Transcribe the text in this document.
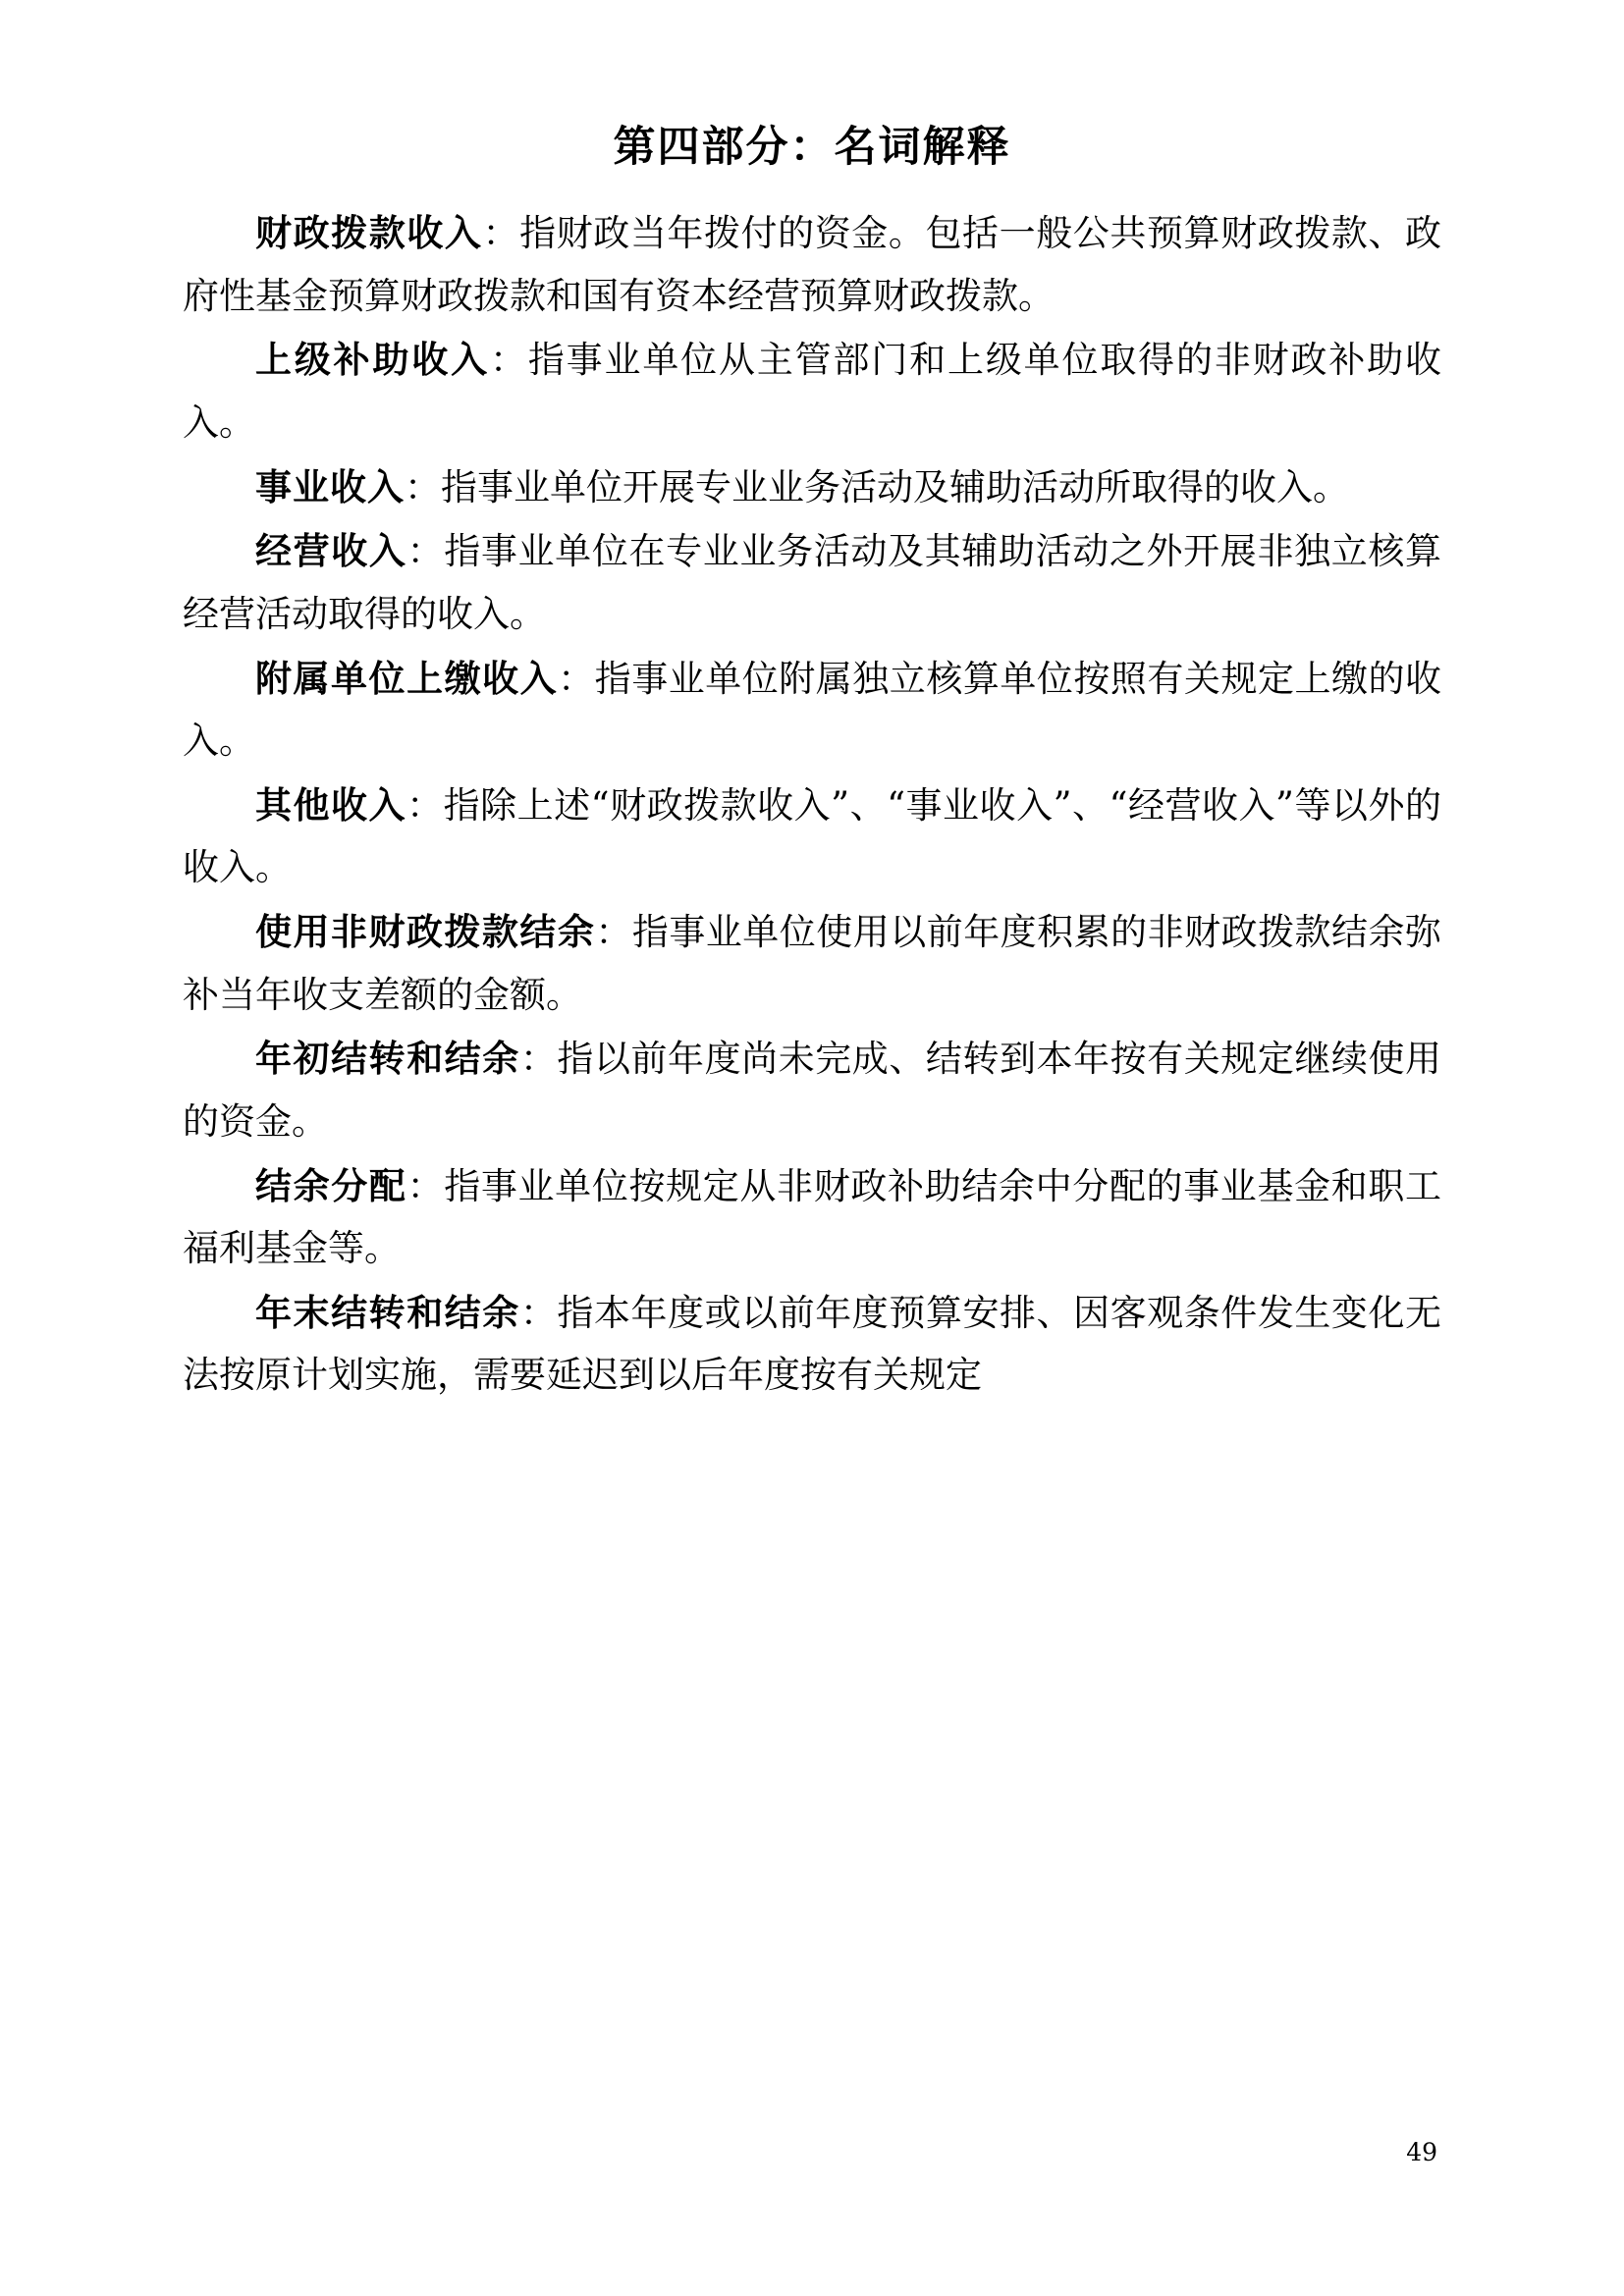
第四部分：名词解释

财政拨款收入：指财政当年拨付的资金。包括一般公共预算财政拨款、政府性基金预算财政拨款和国有资本经营预算财政拨款。

上级补助收入：指事业单位从主管部门和上级单位取得的非财政补助收入。

事业收入：指事业单位开展专业业务活动及辅助活动所取得的收入。

经营收入：指事业单位在专业业务活动及其辅助活动之外开展非独立核算经营活动取得的收入。

附属单位上缴收入：指事业单位附属独立核算单位按照有关规定上缴的收入。

其他收入：指除上述“财政拨款收入”、“事业收入”、“经营收入”等以外的收入。

使用非财政拨款结余：指事业单位使用以前年度积累的非财政拨款结余弥补当年收支差额的金额。

年初结转和结余：指以前年度尚未完成、结转到本年按有关规定继续使用的资金。

结余分配：指事业单位按规定从非财政补助结余中分配的事业基金和职工福利基金等。

年末结转和结余：指本年度或以前年度预算安排、因客观条件发生变化无法按原计划实施，需要延迟到以后年度按有关规定

49
